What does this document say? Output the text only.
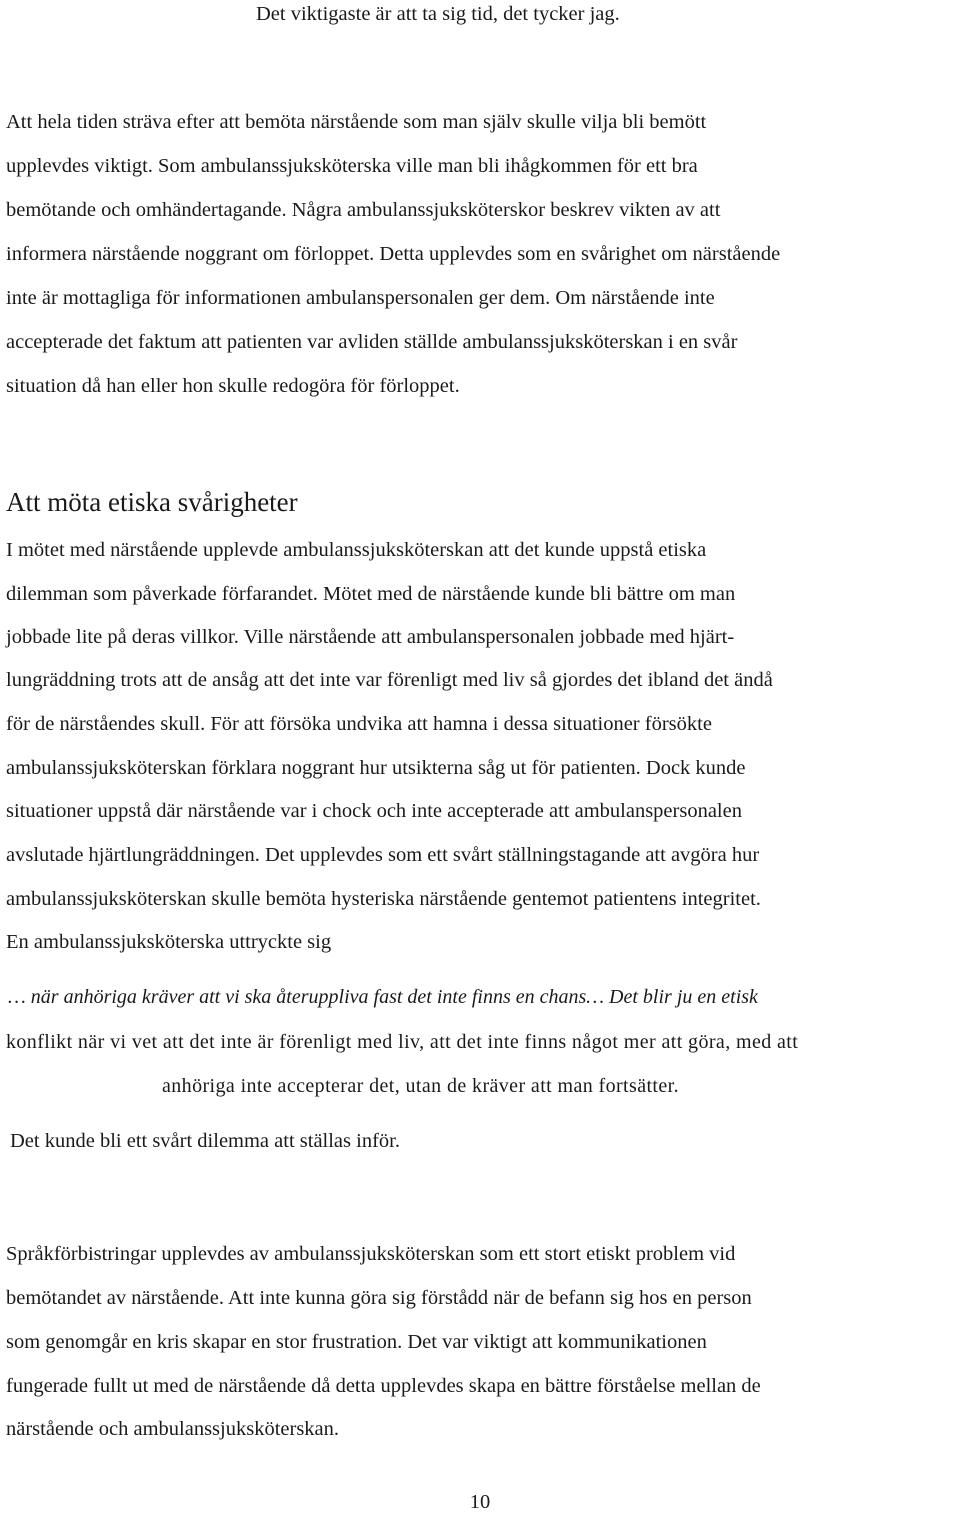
Det viktigaste är att ta sig tid, det tycker jag.

Att hela tiden sträva efter att bemöta närstående som man själv skulle vilja bli bemött

upplevdes viktigt. Som ambulanssjuksköterska ville man bli ihågkommen för ett bra

bemötande och omhändertagande. Några ambulanssjuksköterskor beskrev vikten av att

informera närstående noggrant om förloppet. Detta upplevdes som en svårighet om närstående

inte är mottagliga för informationen ambulanspersonalen ger dem. Om närstående inte

accepterade det faktum att patienten var avliden ställde ambulanssjuksköterskan i en svår

situation då han eller hon skulle redogöra för förloppet.

Att möta etiska svårigheter

I mötet med närstående upplevde ambulanssjuksköterskan att det kunde uppstå etiska

dilemman som påverkade förfarandet. Mötet med de närstående kunde bli bättre om man

jobbade lite på deras villkor. Ville närstående att ambulanspersonalen jobbade med hjärt-

lungräddning trots att de ansåg att det inte var förenligt med liv så gjordes det ibland det ändå

för de närståendes skull. För att försöka undvika att hamna i dessa situationer försökte

ambulanssjuksköterskan förklara noggrant hur utsikterna såg ut för patienten. Dock kunde

situationer uppstå där närstående var i chock och inte accepterade att ambulanspersonalen

avslutade hjärtlungräddningen. Det upplevdes som ett svårt ställningstagande att avgöra hur

ambulanssjuksköterskan skulle bemöta hysteriska närstående gentemot patientens integritet.

En ambulanssjuksköterska uttryckte sig

… när anhöriga kräver att vi ska återuppliva fast det inte finns en chans… Det blir ju en etisk

konflikt när vi vet att det inte är förenligt med liv, att det inte finns något mer att göra, med att

anhöriga inte accepterar det, utan de kräver att man fortsätter.

Det kunde bli ett svårt dilemma att ställas inför.

Språkförbistringar upplevdes av ambulanssjuksköterskan som ett stort etiskt problem vid

bemötandet av närstående. Att inte kunna göra sig förstådd när de befann sig hos en person

som genomgår en kris skapar en stor frustration. Det var viktigt att kommunikationen

fungerade fullt ut med de närstående då detta upplevdes skapa en bättre förståelse mellan de

närstående och ambulanssjuksköterskan.

10
